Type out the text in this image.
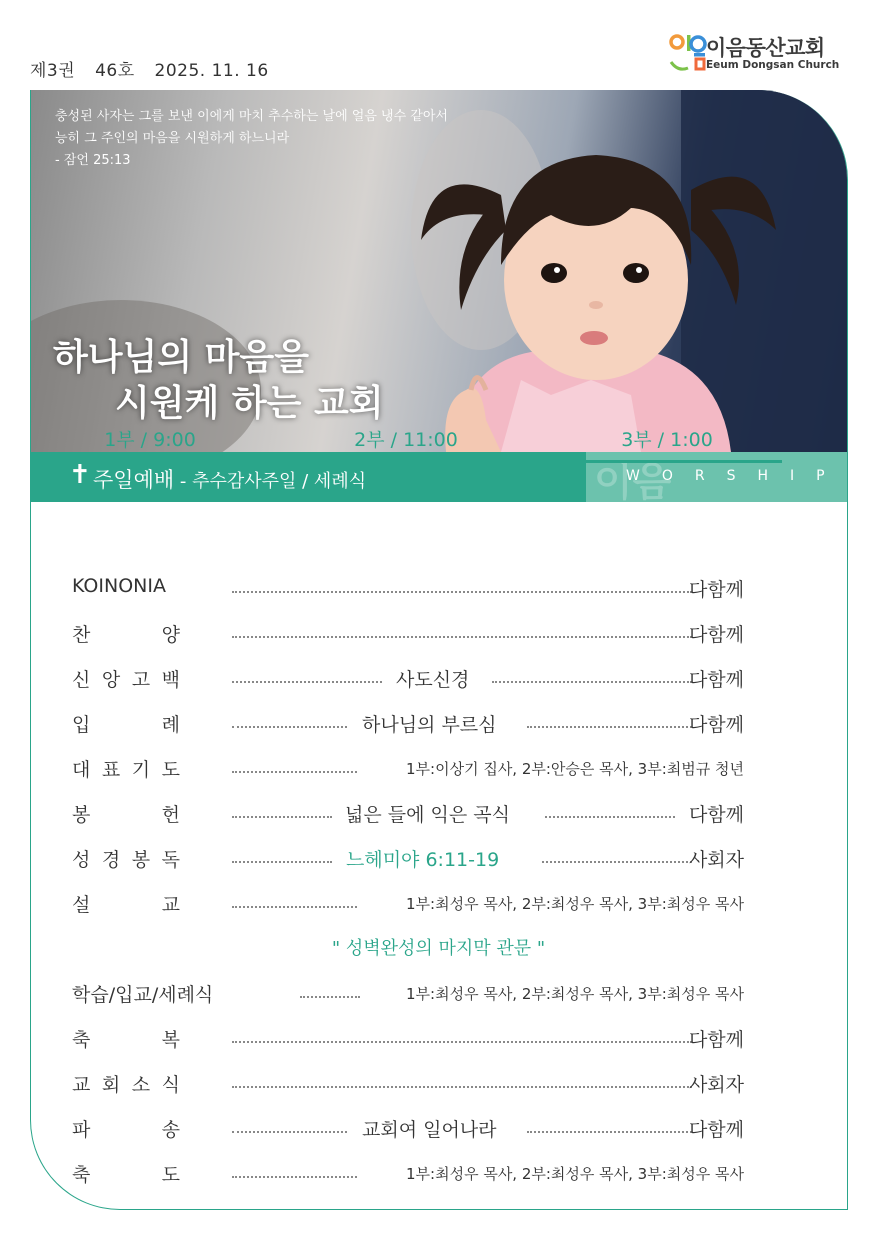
제3권 46호 2025. 11. 16
이음동산교회
Eeum Dongsan Church
충성된 사자는 그를 보낸 이에게 마치 추수하는 날에 얼음 냉수 같아서
능히 그 주인의 마음을 시원하게 하느니라
- 잠언 25:13
하나님의 마음을
시원케 하는 교회
✝ 주일예배 - 추수감사주일 / 세례식	이음
WORSHIP
1부 / 9:00	2부 / 11:00	3부 / 1:00
KOINONIA	다함께
찬	양	다함께
신 앙 고 백	사도신경	다함께
입	례	하나님의 부르심	다함께
대 표 기 도	1부:이상기 집사, 2부:안승은 목사, 3부:최범규 청년
봉	헌	넓은 들에 익은 곡식	다함께
성 경 봉 독	느헤미야 6:11-19	사회자
설	교	1부:최성우 목사, 2부:최성우 목사, 3부:최성우 목사
" 성벽완성의 마지막 관문 "
학습/입교/세례식	1부:최성우 목사, 2부:최성우 목사, 3부:최성우 목사
축	복	다함께
교 회 소 식	사회자
파	송	교회여 일어나라	다함께
축	도	1부:최성우 목사, 2부:최성우 목사, 3부:최성우 목사
